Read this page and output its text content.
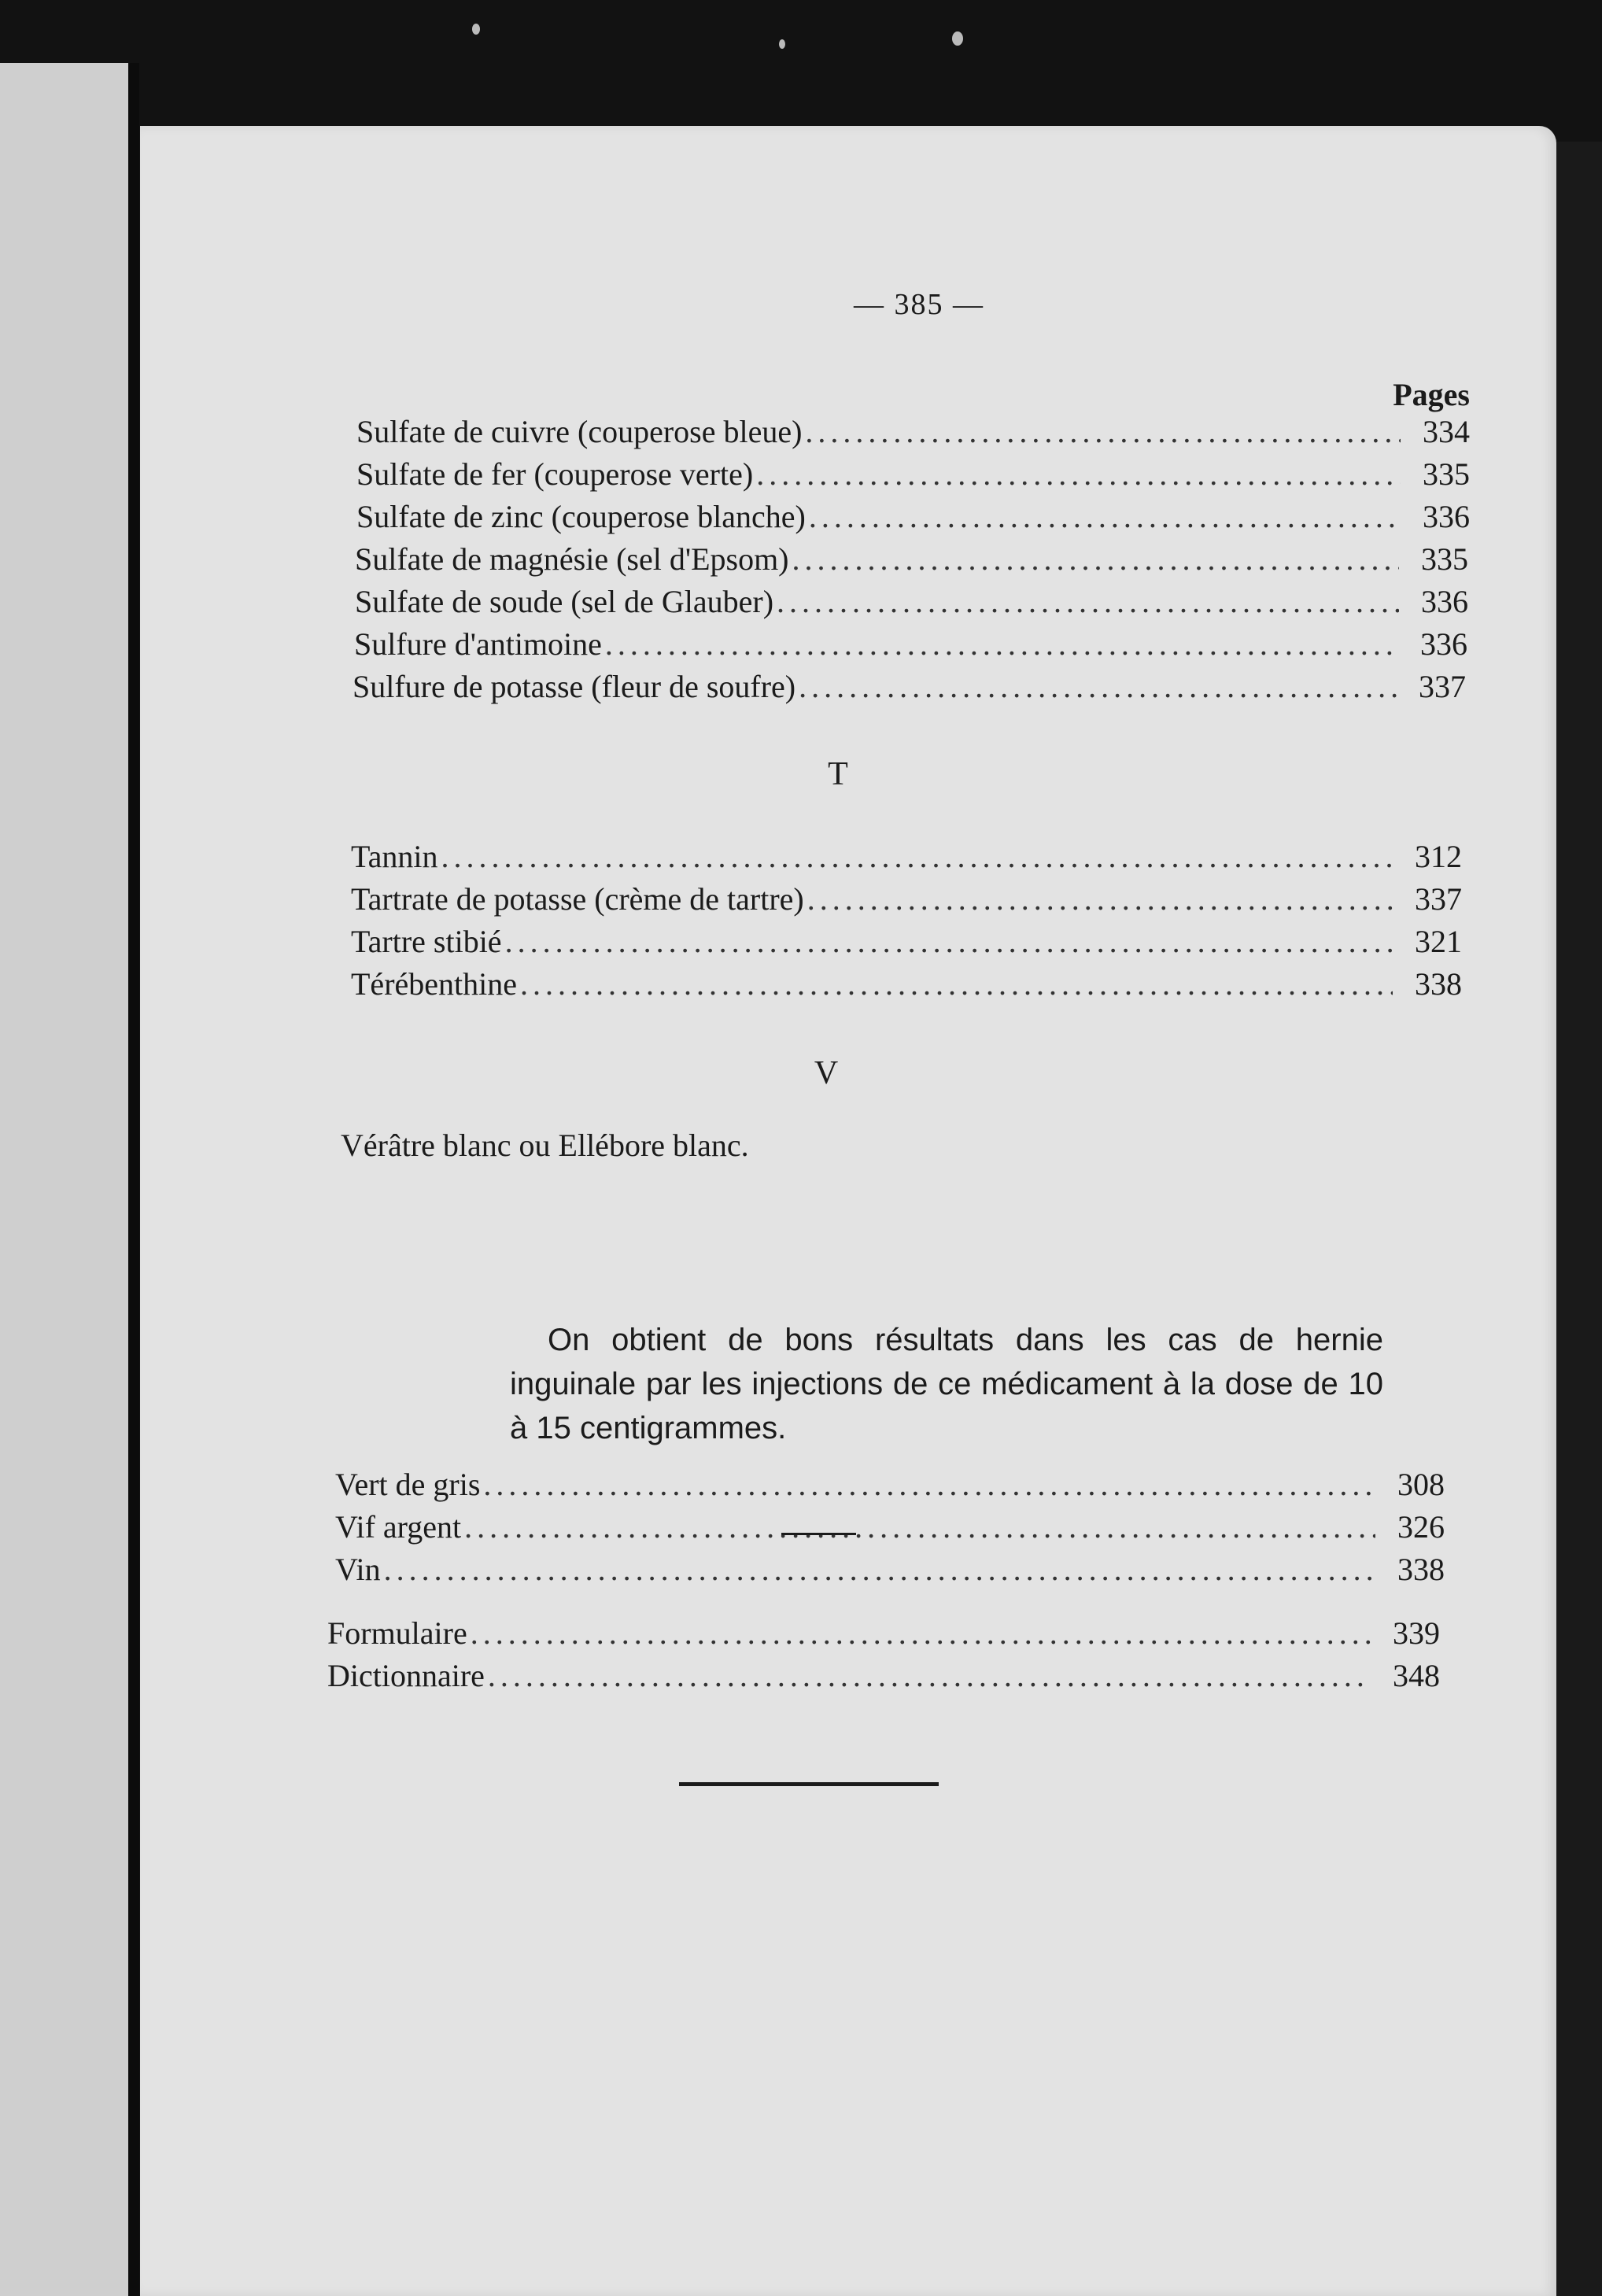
— 385 —
Pages
Sulfate de cuivre (couperose bleue) .....	334
Sulfate de fer (couperose verte) .....	335
Sulfate de zinc (couperose blanche) .....	336
Sulfate de magnésie (sel d'Epsom) .....	335
Sulfate de soude (sel de Glauber) .....	336
Sulfure d'antimoine .....	336
Sulfure de potasse (fleur de soufre) .....	337
T
Tannin .....	312
Tartrate de potasse (crème de tartre) .....	337
Tartre stibié .....	321
Térébenthine .....	338
V
Vérâtre blanc ou Ellébore blanc.
On obtient de bons résultats dans les cas de hernie inguinale par les injections de ce médicament à la dose de 10 à 15 centigrammes.
Vert de gris .....	308
Vif argent .....	326
Vin .....	338
Formulaire .....	339
Dictionnaire .....	348
